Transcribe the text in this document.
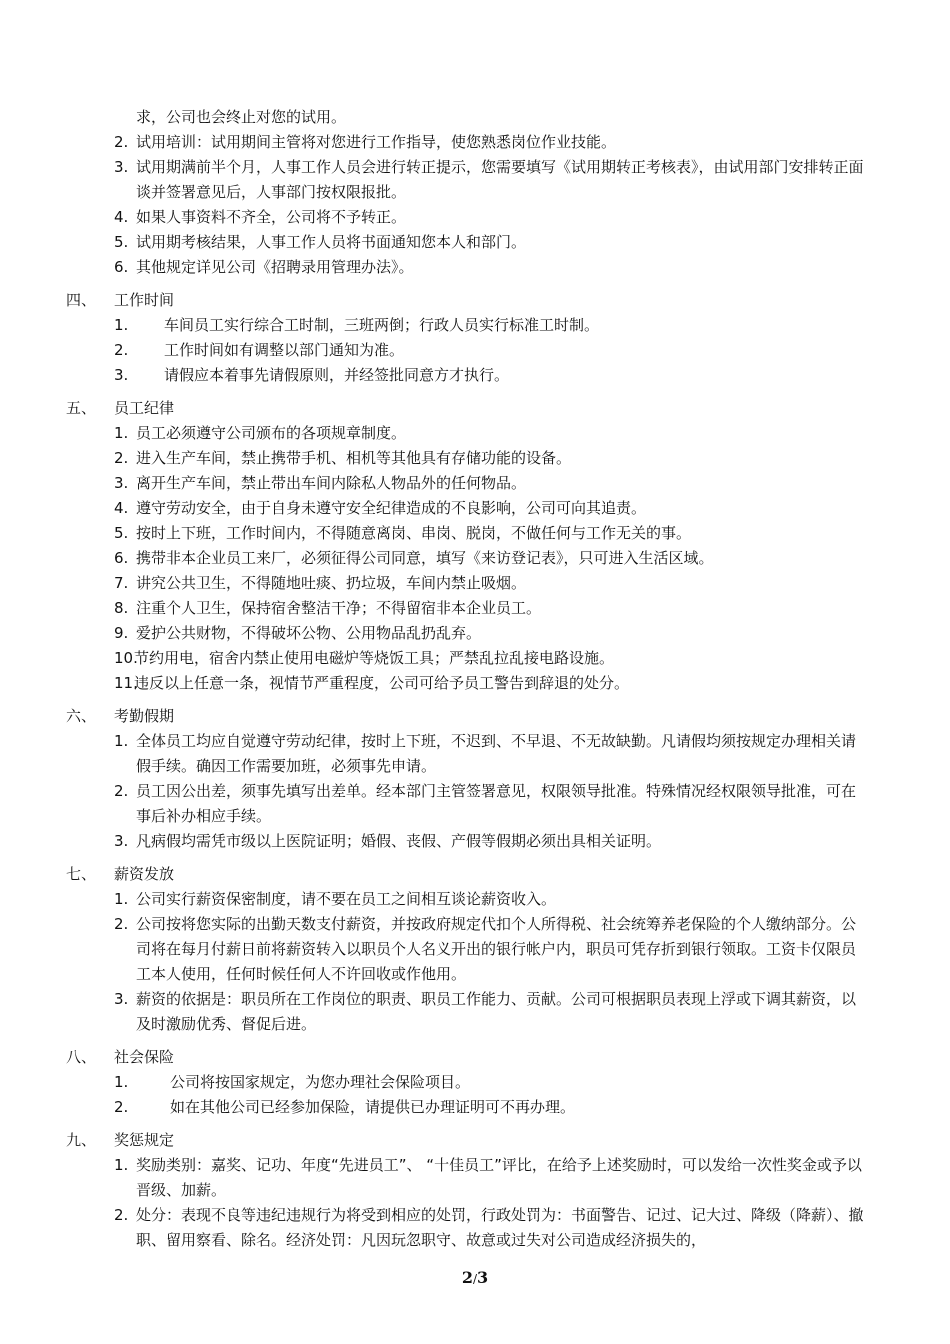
求，公司也会终止对您的试用。
2. 试用培训：试用期间主管将对您进行工作指导，使您熟悉岗位作业技能。
3. 试用期满前半个月，人事工作人员会进行转正提示，您需要填写《试用期转正考核表》，由试用部门安排转正面谈并签署意见后，人事部门按权限报批。
4. 如果人事资料不齐全，公司将不予转正。
5. 试用期考核结果，人事工作人员将书面通知您本人和部门。
6. 其他规定详见公司《招聘录用管理办法》。
四、	工作时间
1.	车间员工实行综合工时制，三班两倒；行政人员实行标准工时制。
2.	工作时间如有调整以部门通知为准。
3.	请假应本着事先请假原则，并经签批同意方才执行。
五、	员工纪律
1. 员工必须遵守公司颁布的各项规章制度。
2. 进入生产车间，禁止携带手机、相机等其他具有存储功能的设备。
3. 离开生产车间，禁止带出车间内除私人物品外的任何物品。
4. 遵守劳动安全，由于自身未遵守安全纪律造成的不良影响，公司可向其追责。
5. 按时上下班，工作时间内，不得随意离岗、串岗、脱岗，不做任何与工作无关的事。
6. 携带非本企业员工来厂，必须征得公司同意，填写《来访登记表》，只可进入生活区域。
7. 讲究公共卫生，不得随地吐痰、扔垃圾，车间内禁止吸烟。
8. 注重个人卫生，保持宿舍整洁干净；不得留宿非本企业员工。
9. 爱护公共财物，不得破坏公物、公用物品乱扔乱弃。
10.
节约用电，宿舍内禁止使用电磁炉等烧饭工具；严禁乱拉乱接电路设施。
11.
违反以上任意一条，视情节严重程度，公司可给予员工警告到辞退的处分。
六、	考勤假期
1. 全体员工均应自觉遵守劳动纪律，按时上下班，不迟到、不早退、不无故缺勤。凡请假均须按规定办理相关请假手续。确因工作需要加班，必须事先申请。
2. 员工因公出差，须事先填写出差单。经本部门主管签署意见，权限领导批准。特殊情况经权限领导批准，可在事后补办相应手续。
3. 凡病假均需凭市级以上医院证明；婚假、丧假、产假等假期必须出具相关证明。
七、	薪资发放
1. 公司实行薪资保密制度，请不要在员工之间相互谈论薪资收入。
2. 公司按将您实际的出勤天数支付薪资，并按政府规定代扣个人所得税、社会统筹养老保险的个人缴纳部分。公司将在每月付薪日前将薪资转入以职员个人名义开出的银行帐户内，职员可凭存折到银行领取。工资卡仅限员工本人使用，任何时候任何人不许回收或作他用。
3. 薪资的依据是：职员所在工作岗位的职责、职员工作能力、贡献。公司可根据职员表现上浮或下调其薪资，以及时激励优秀、督促后进。
八、	社会保险
1.	公司将按国家规定，为您办理社会保险项目。
2.	如在其他公司已经参加保险，请提供已办理证明可不再办理。
九、	奖惩规定
1. 奖励类别：嘉奖、记功、年度“先进员工”、 “十佳员工”评比，在给予上述奖励时，可以发给一次性奖金或予以晋级、加薪。
2. 处分：表现不良等违纪违规行为将受到相应的处罚，行政处罚为：书面警告、记过、记大过、降级（降薪）、撤职、留用察看、除名。经济处罚：凡因玩忽职守、故意或过失对公司造成经济损失的，
2/3
